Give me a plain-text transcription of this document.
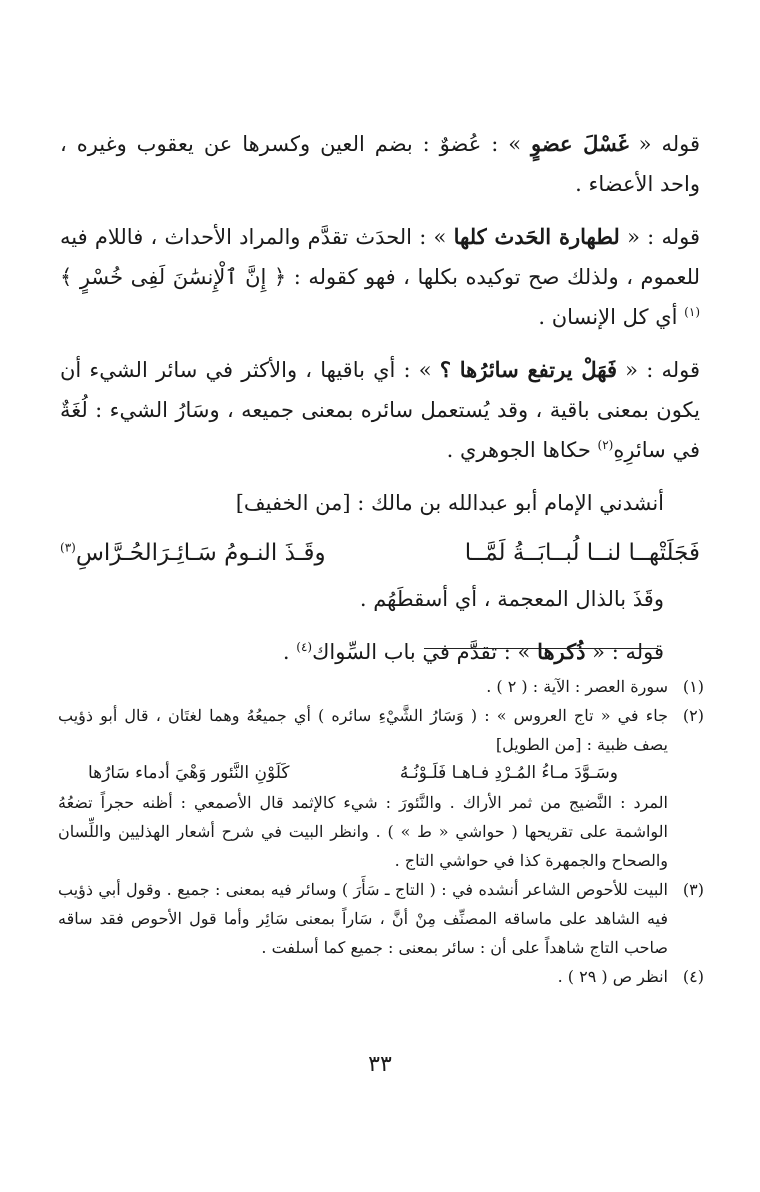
قوله « غَسْلَ عضوٍ » : عُضوٌ : بضم العين وكسرها عن يعقوب وغيره ، واحد الأعضاء .

قوله : « لطهارة الحَدث كلها » : الحدَث تقدَّم والمراد الأحداث ، فاللام فيه للعموم ، ولذلك صح توكيده بكلها ، فهو كقوله : ﴿ إِنَّ ٱلْإِنسَٰنَ لَفِى خُسْرٍ ﴾$^{(١)}$ أي كل الإنسان .

قوله : « فَهَلْ يرتفع سائرُها ؟ » : أي باقيها ، والأكثر في سائر الشيء أن يكون بمعنى باقية ، وقد يُستعمل سائره بمعنى جميعه ، وسَارُ الشيء : لُغَةٌ في سائرِهِ$^{(٢)}$ حكاها الجوهري .

أنشدني الإمام أبو عبدالله بن مالك : [من الخفيف]

فَجَلَتْهــا لنــا لُبــابَــةُ لَمَّــا
وقَـذَ النـومُ سَـائِـرَالحُـرَّاسِ$^{(٣)}$

وقَذَ بالذال المعجمة ، أي أسقطَهُم .

قوله : « ذُكرها » : تقدَّم في باب السِّواك$^{(٤)}$ .

(١)
سورة العصر : الآية : ( ٢ ) .
(٢)
جاء في « تاج العروس » : ( وَسَارُ الشَّيْءِ سائره ) أي جميعُهُ وهما لغتَان ، قال أبو ذؤيب يصف ظبية : [من الطويل]
وسَـوَّدَ مـاءُ المُـرْدِ فـاهـا فَلَـوْنُـهُ
كَلَوْنِ النَّئور وَهْيَ أدماء سَارُها
المرد : النَّضيج من ثمر الأراك . والنَّئورَ : شيء كالإثمد قال الأصمعي : أظنه حجراً تضعُهُ الواشمة على تقريحها ( حواشي « ط » ) . وانظر البيت في شرح أشعار الهذليين واللِّسان والصحاح والجمهرة كذا في حواشي التاج .
(٣)
البيت للأحوص الشاعر أنشده في : ( التاج ـ سَأَرَ ) وسائر فيه بمعنى : جميع . وقول أبي ذؤيب فيه الشاهد على ماساقه المصنِّف مِنْ أنَّ ، سَاراً بمعنى سَائِر وأما قول الأحوص فقد ساقه صاحب التاج شاهداً على أن : سائر بمعنى : جميع كما أسلفت .
(٤)
انظر ص ( ٢٩ ) .
٣٣
